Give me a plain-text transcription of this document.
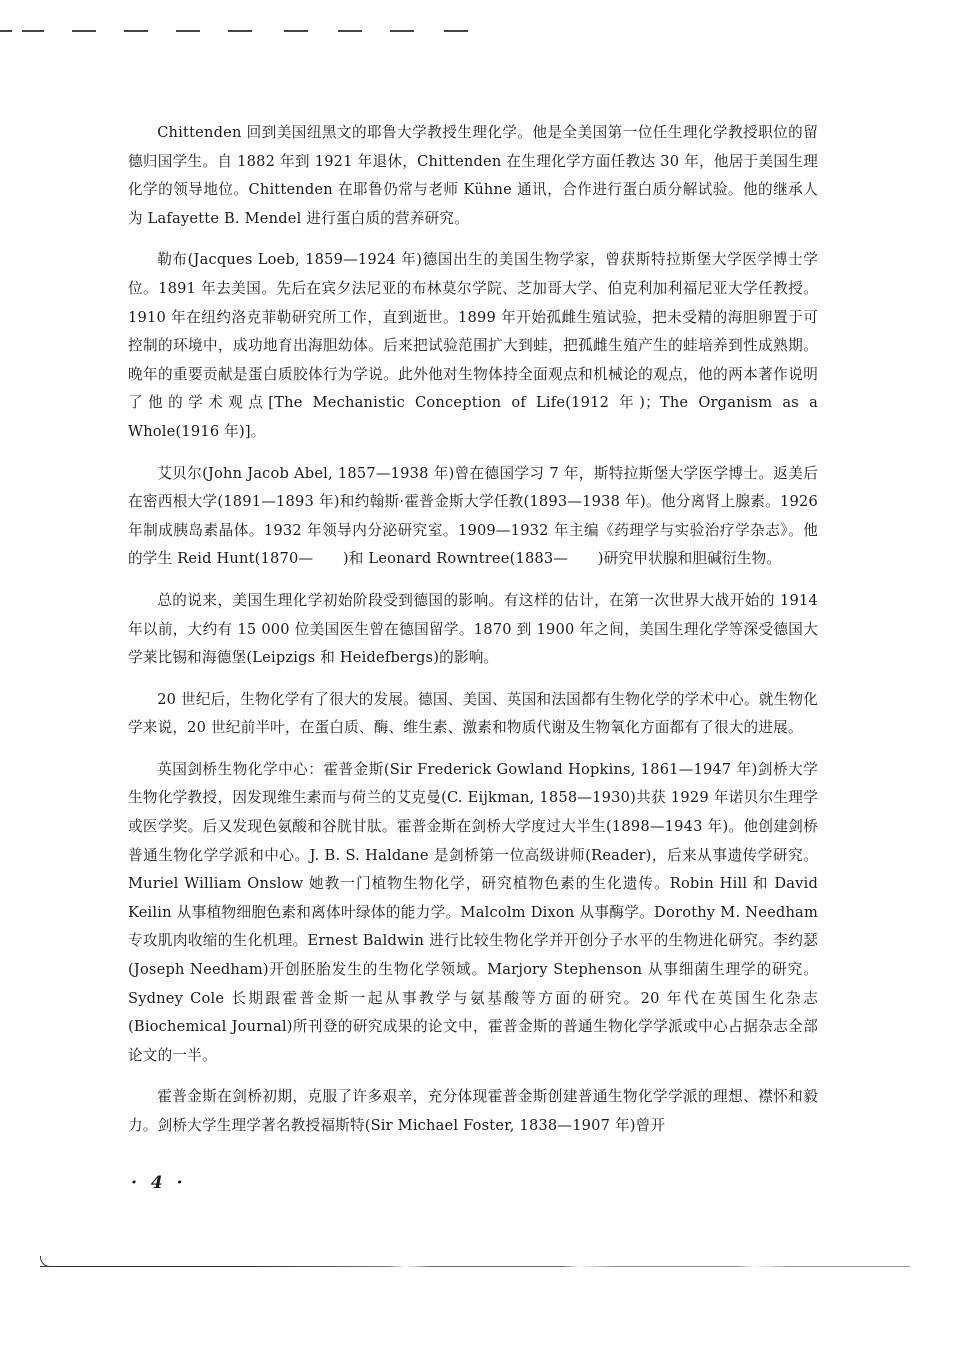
Chittenden 回到美国纽黑文的耶鲁大学教授生理化学。他是全美国第一位任生理化学教授职位的留德归国学生。自 1882 年到 1921 年退休，Chittenden 在生理化学方面任教达 30 年，他居于美国生理化学的领导地位。Chittenden 在耶鲁仍常与老师 Kühne 通讯，合作进行蛋白质分解试验。他的继承人为 Lafayette B. Mendel 进行蛋白质的营养研究。

勒布(Jacques Loeb, 1859—1924 年)德国出生的美国生物学家，曾获斯特拉斯堡大学医学博士学位。1891 年去美国。先后在宾夕法尼亚的布林莫尔学院、芝加哥大学、伯克利加利福尼亚大学任教授。1910 年在纽约洛克菲勒研究所工作，直到逝世。1899 年开始孤雌生殖试验，把未受精的海胆卵置于可控制的环境中，成功地育出海胆幼体。后来把试验范围扩大到蛙，把孤雌生殖产生的蛙培养到性成熟期。晚年的重要贡献是蛋白质胶体行为学说。此外他对生物体持全面观点和机械论的观点，他的两本著作说明了他的学术观点[The Mechanistic Conception of Life(1912 年)；The Organism as a Whole(1916 年)]。

艾贝尔(John Jacob Abel, 1857—1938 年)曾在德国学习 7 年，斯特拉斯堡大学医学博士。返美后在密西根大学(1891—1893 年)和约翰斯·霍普金斯大学任教(1893—1938 年)。他分离肾上腺素。1926 年制成胰岛素晶体。1932 年领导内分泌研究室。1909—1932 年主编《药理学与实验治疗学杂志》。他的学生 Reid Hunt(1870—　　)和 Leonard Rowntree(1883—　　)研究甲状腺和胆碱衍生物。

总的说来，美国生理化学初始阶段受到德国的影响。有这样的估计，在第一次世界大战开始的 1914 年以前，大约有 15 000 位美国医生曾在德国留学。1870 到 1900 年之间，美国生理化学等深受德国大学莱比锡和海德堡(Leipzigs 和 Heidefbergs)的影响。

20 世纪后，生物化学有了很大的发展。德国、美国、英国和法国都有生物化学的学术中心。就生物化学来说，20 世纪前半叶，在蛋白质、酶、维生素、激素和物质代谢及生物氧化方面都有了很大的进展。

英国剑桥生物化学中心：霍普金斯(Sir Frederick Gowland Hopkins, 1861—1947 年)剑桥大学生物化学教授，因发现维生素而与荷兰的艾克曼(C. Eijkman, 1858—1930)共获 1929 年诺贝尔生理学或医学奖。后又发现色氨酸和谷胱甘肽。霍普金斯在剑桥大学度过大半生(1898—1943 年)。他创建剑桥普通生物化学学派和中心。J. B. S. Haldane 是剑桥第一位高级讲师(Reader)，后来从事遗传学研究。Muriel William Onslow 她教一门植物生物化学，研究植物色素的生化遗传。Robin Hill 和 David Keilin 从事植物细胞色素和离体叶绿体的能力学。Malcolm Dixon 从事酶学。Dorothy M. Needham 专攻肌肉收缩的生化机理。Ernest Baldwin 进行比较生物化学并开创分子水平的生物进化研究。李约瑟(Joseph Needham)开创胚胎发生的生物化学领域。Marjory Stephenson 从事细菌生理学的研究。Sydney Cole 长期跟霍普金斯一起从事教学与氨基酸等方面的研究。20 年代在英国生化杂志(Biochemical Journal)所刊登的研究成果的论文中，霍普金斯的普通生物化学学派或中心占据杂志全部论文的一半。

霍普金斯在剑桥初期，克服了许多艰辛，充分体现霍普金斯创建普通生物化学学派的理想、襟怀和毅力。剑桥大学生理学著名教授福斯特(Sir Michael Foster, 1838—1907 年)曾开

· 4 ·
